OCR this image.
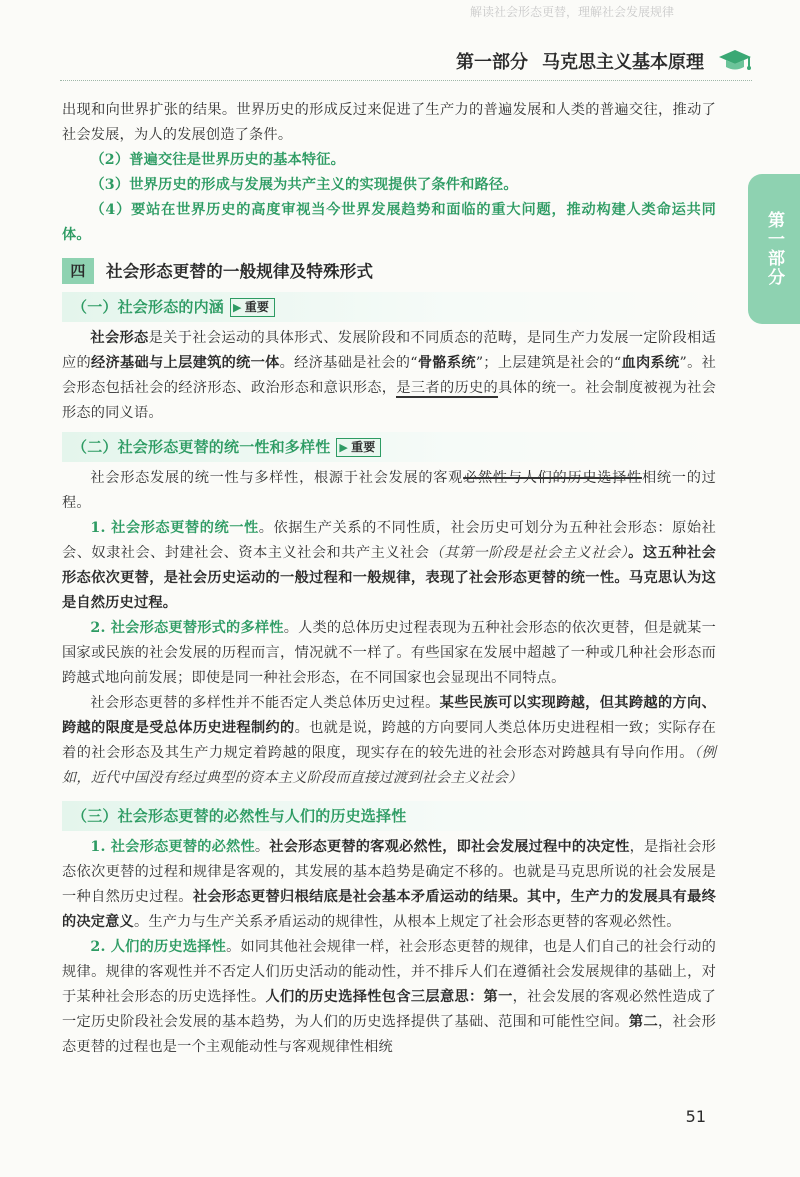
解读社会形态更替，理解社会发展规律
第一部分 马克思主义基本原理
第一部分

出现和向世界扩张的结果。世界历史的形成反过来促进了生产力的普遍发展和人类的普遍交往，推动了社会发展，为人的发展创造了条件。

（2）普遍交往是世界历史的基本特征。

（3）世界历史的形成与发展为共产主义的实现提供了条件和路径。

（4）要站在世界历史的高度审视当今世界发展趋势和面临的重大问题，推动构建人类命运共同体。

四	社会形态更替的一般规律及特殊形式
（一）社会形态的内涵 ▶ 重要

社会形态是关于社会运动的具体形式、发展阶段和不同质态的范畴，是同生产力发展一定阶段相适应的经济基础与上层建筑的统一体。经济基础是社会的“骨骼系统”；上层建筑是社会的“血肉系统”。社会形态包括社会的经济形态、政治形态和意识形态，是三者的历史的具体的统一。社会制度被视为社会形态的同义语。

（二）社会形态更替的统一性和多样性 ▶ 重要

社会形态发展的统一性与多样性，根源于社会发展的客观必然性与人们的历史选择性相统一的过程。

1. 社会形态更替的统一性。依据生产关系的不同性质，社会历史可划分为五种社会形态：原始社会、奴隶社会、封建社会、资本主义社会和共产主义社会（其第一阶段是社会主义社会）。这五种社会形态依次更替，是社会历史运动的一般过程和一般规律，表现了社会形态更替的统一性。马克思认为这是自然历史过程。

2. 社会形态更替形式的多样性。人类的总体历史过程表现为五种社会形态的依次更替，但是就某一国家或民族的社会发展的历程而言，情况就不一样了。有些国家在发展中超越了一种或几种社会形态而跨越式地向前发展；即使是同一种社会形态，在不同国家也会显现出不同特点。

社会形态更替的多样性并不能否定人类总体历史过程。某些民族可以实现跨越，但其跨越的方向、跨越的限度是受总体历史进程制约的。也就是说，跨越的方向要同人类总体历史进程相一致；实际存在着的社会形态及其生产力规定着跨越的限度，现实存在的较先进的社会形态对跨越具有导向作用。（例如，近代中国没有经过典型的资本主义阶段而直接过渡到社会主义社会）

（三）社会形态更替的必然性与人们的历史选择性

1. 社会形态更替的必然性。社会形态更替的客观必然性，即社会发展过程中的决定性，是指社会形态依次更替的过程和规律是客观的，其发展的基本趋势是确定不移的。也就是马克思所说的社会发展是一种自然历史过程。社会形态更替归根结底是社会基本矛盾运动的结果。其中，生产力的发展具有最终的决定意义。生产力与生产关系矛盾运动的规律性，从根本上规定了社会形态更替的客观必然性。

2. 人们的历史选择性。如同其他社会规律一样，社会形态更替的规律，也是人们自己的社会行动的规律。规律的客观性并不否定人们历史活动的能动性，并不排斥人们在遵循社会发展规律的基础上，对于某种社会形态的历史选择性。人们的历史选择性包含三层意思：第一，社会发展的客观必然性造成了一定历史阶段社会发展的基本趋势，为人们的历史选择提供了基础、范围和可能性空间。第二，社会形态更替的过程也是一个主观能动性与客观规律性相统

51
